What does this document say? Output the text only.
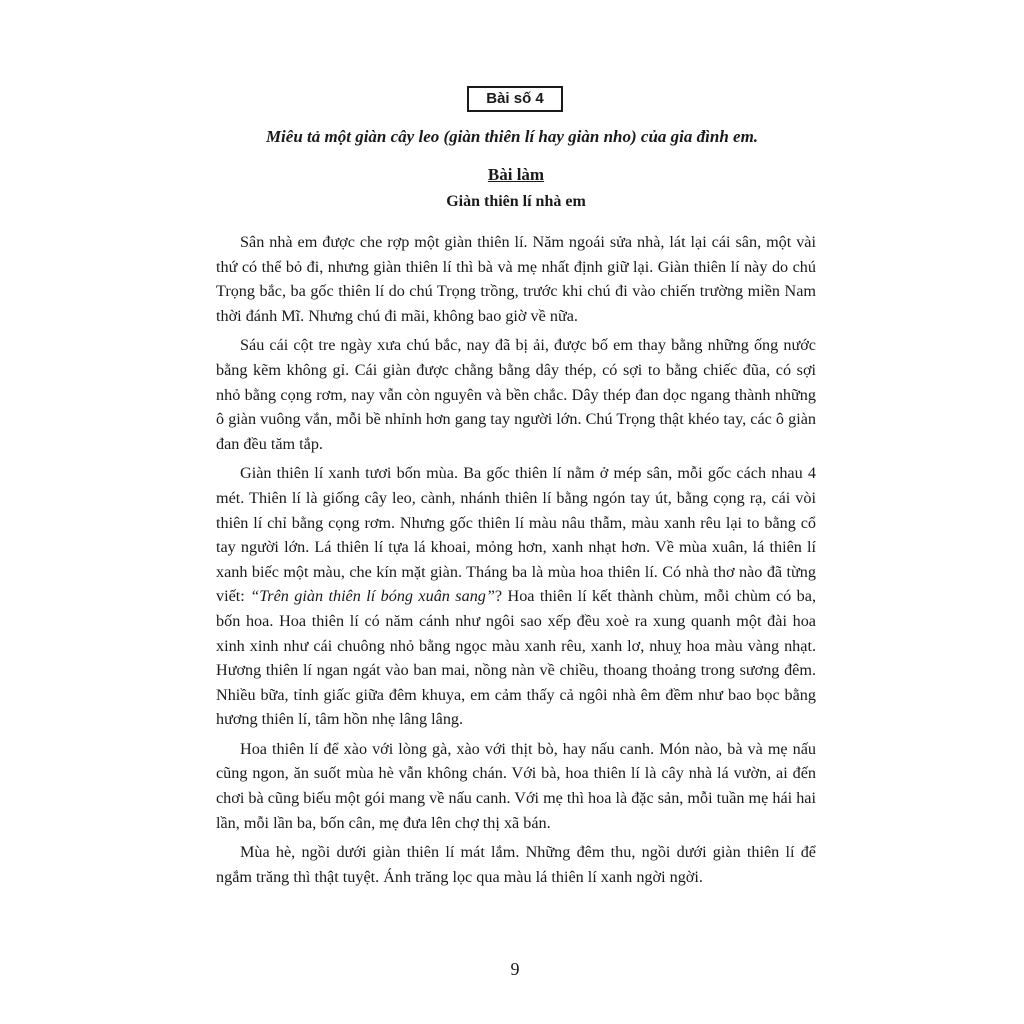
Bài số 4
Miêu tả một giàn cây leo (giàn thiên lí hay giàn nho) của gia đình em.
Bài làm
Giàn thiên lí nhà em

Sân nhà em được che rợp một giàn thiên lí. Năm ngoái sửa nhà, lát lại cái sân, một vài thứ có thể bỏ đi, nhưng giàn thiên lí thì bà và mẹ nhất định giữ lại. Giàn thiên lí này do chú Trọng bắc, ba gốc thiên lí do chú Trọng trồng, trước khi chú đi vào chiến trường miền Nam thời đánh Mĩ. Nhưng chú đi mãi, không bao giờ về nữa.

Sáu cái cột tre ngày xưa chú bắc, nay đã bị ải, được bố em thay bằng những ống nước bằng kẽm không gỉ. Cái giàn được chằng bằng dây thép, có sợi to bằng chiếc đũa, có sợi nhỏ bằng cọng rơm, nay vẫn còn nguyên và bền chắc. Dây thép đan dọc ngang thành những ô giàn vuông vắn, mỗi bề nhỉnh hơn gang tay người lớn. Chú Trọng thật khéo tay, các ô giàn đan đều tăm tắp.

Giàn thiên lí xanh tươi bốn mùa. Ba gốc thiên lí nằm ở mép sân, mỗi gốc cách nhau 4 mét. Thiên lí là giống cây leo, cành, nhánh thiên lí bằng ngón tay út, bằng cọng rạ, cái vòi thiên lí chỉ bằng cọng rơm. Nhưng gốc thiên lí màu nâu thẫm, màu xanh rêu lại to bằng cổ tay người lớn. Lá thiên lí tựa lá khoai, mỏng hơn, xanh nhạt hơn. Về mùa xuân, lá thiên lí xanh biếc một màu, che kín mặt giàn. Tháng ba là mùa hoa thiên lí. Có nhà thơ nào đã từng viết: “Trên giàn thiên lí bóng xuân sang”? Hoa thiên lí kết thành chùm, mỗi chùm có ba, bốn hoa. Hoa thiên lí có năm cánh như ngôi sao xếp đều xoè ra xung quanh một đài hoa xinh xinh như cái chuông nhỏ bằng ngọc màu xanh rêu, xanh lơ, nhuỵ hoa màu vàng nhạt. Hương thiên lí ngan ngát vào ban mai, nồng nàn về chiều, thoang thoảng trong sương đêm. Nhiều bữa, tỉnh giấc giữa đêm khuya, em cảm thấy cả ngôi nhà êm đềm như bao bọc bằng hương thiên lí, tâm hồn nhẹ lâng lâng.

Hoa thiên lí để xào với lòng gà, xào với thịt bò, hay nấu canh. Món nào, bà và mẹ nấu cũng ngon, ăn suốt mùa hè vẫn không chán. Với bà, hoa thiên lí là cây nhà lá vườn, ai đến chơi bà cũng biếu một gói mang về nấu canh. Với mẹ thì hoa là đặc sản, mỗi tuần mẹ hái hai lần, mỗi lần ba, bốn cân, mẹ đưa lên chợ thị xã bán.

Mùa hè, ngồi dưới giàn thiên lí mát lắm. Những đêm thu, ngồi dưới giàn thiên lí để ngắm trăng thì thật tuyệt. Ánh trăng lọc qua màu lá thiên lí xanh ngời ngời.

9
